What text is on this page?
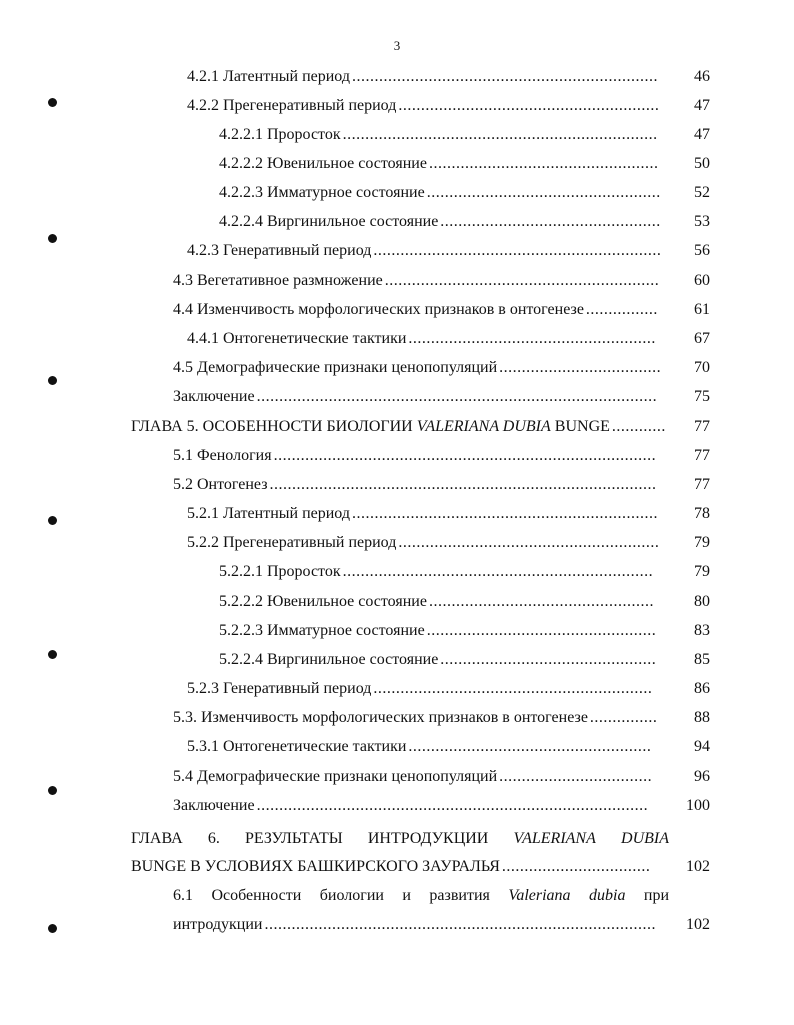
3
4.2.1 Латентный период ....................................................................	46
4.2.2 Прегенеративный период ..........................................................	47
4.2.2.1 Проросток ......................................................................	47
4.2.2.2 Ювенильное состояние ...................................................	50
4.2.2.3 Имматурное состояние ....................................................	52
4.2.2.4 Виргинильное состояние .................................................	53
4.2.3 Генеративный период ................................................................	56
4.3 Вегетативное размножение .............................................................	60
4.4 Изменчивость морфологических признаков в онтогенезе ................	61
4.4.1 Онтогенетические тактики .......................................................	67
4.5 Демографические признаки ценопопуляций ....................................	70
Заключение .........................................................................................	75
ГЛАВА 5. ОСОБЕННОСТИ БИОЛОГИИ VALERIANA DUBIA BUNGE ............	77
5.1 Фенология .....................................................................................	77
5.2 Онтогенез ......................................................................................	77
5.2.1 Латентный период ....................................................................	78
5.2.2 Прегенеративный период ..........................................................	79
5.2.2.1 Проросток .....................................................................	79
5.2.2.2 Ювенильное состояние ..................................................	80
5.2.2.3 Имматурное состояние ...................................................	83
5.2.2.4 Виргинильное состояние ................................................	85
5.2.3 Генеративный период ..............................................................	86
5.3. Изменчивость морфологических признаков в онтогенезе ...............	88
5.3.1 Онтогенетические тактики ......................................................	94
5.4 Демографические признаки ценопопуляций ..................................	96
Заключение .......................................................................................	100
ГЛАВА 6. РЕЗУЛЬТАТЫ ИНТРОДУКЦИИ VALERIANA DUBIA
BUNGE В УСЛОВИЯХ БАШКИРСКОГО ЗАУРАЛЬЯ .................................	102
6.1 Особенности биологии и развития Valeriana dubia при
интродукции .......................................................................................	102
